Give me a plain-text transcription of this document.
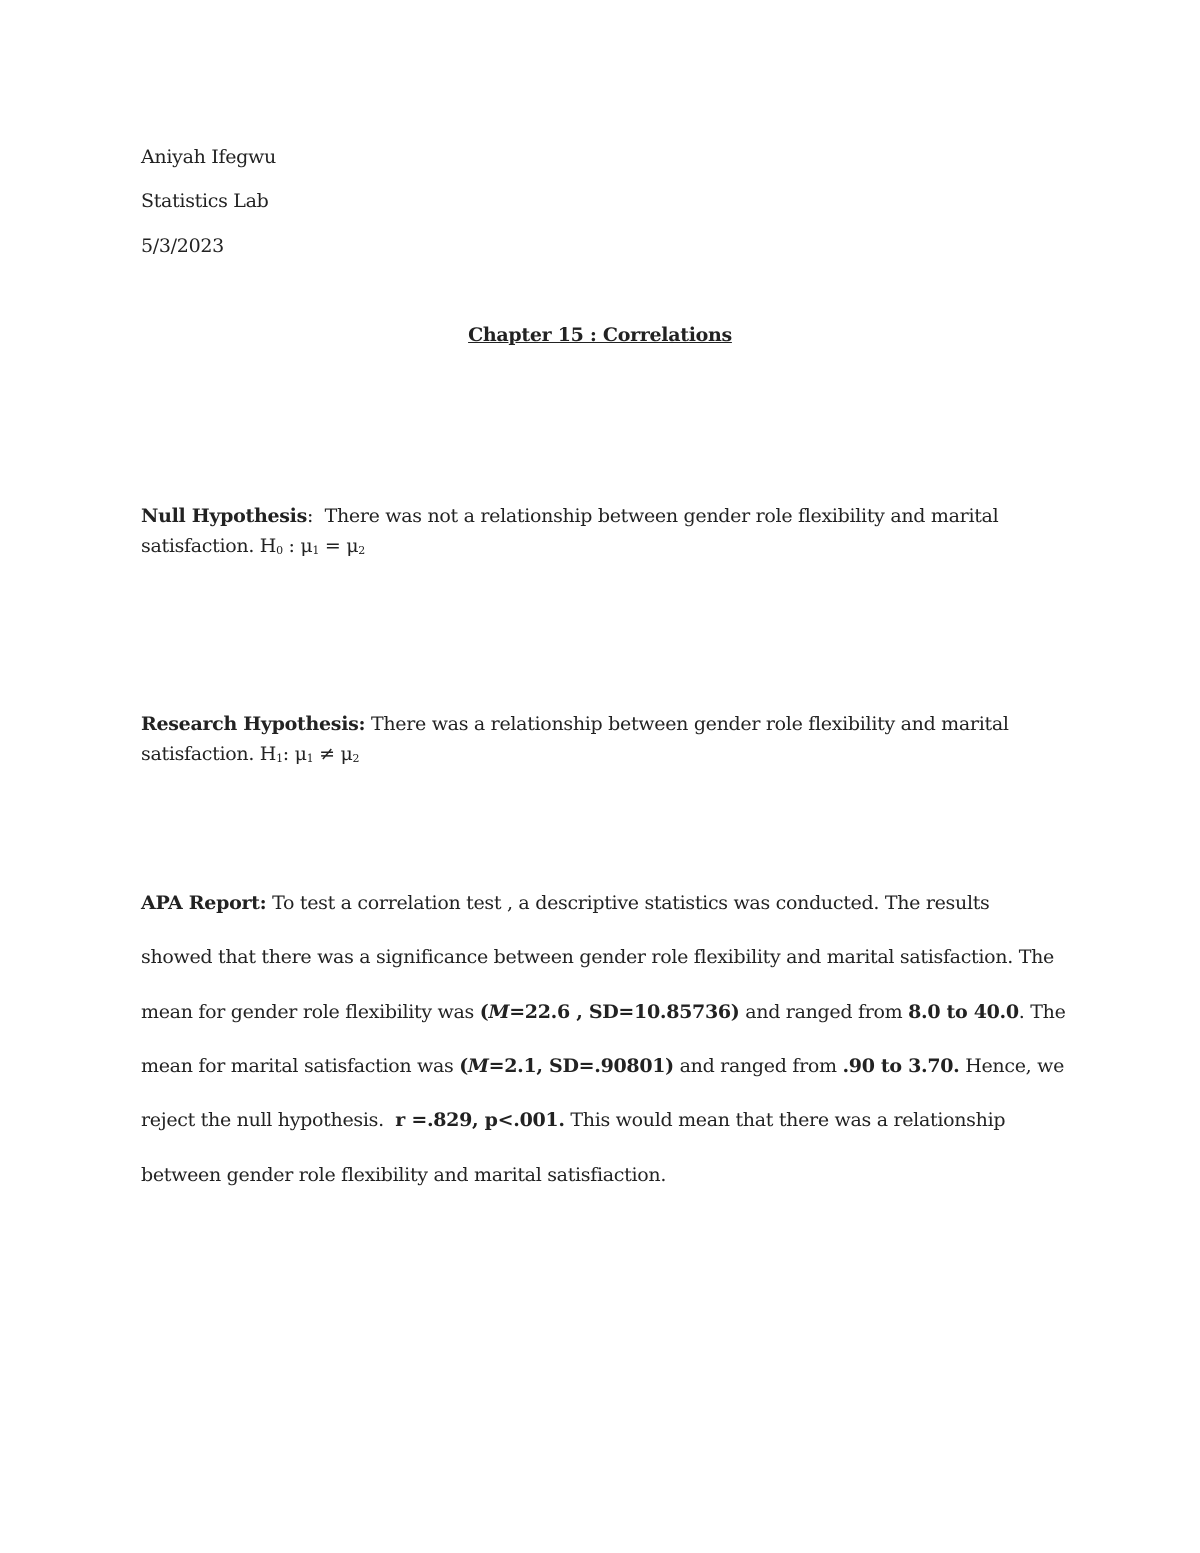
Aniyah Ifegwu
Statistics Lab
5/3/2023
Chapter 15 : Correlations
Null Hypothesis:  There was not a relationship between gender role flexibility and marital
satisfaction. H0 : μ1 = μ2
Research Hypothesis: There was a relationship between gender role flexibility and marital
satisfaction. H1: μ1 ≠ μ2
APA Report: To test a correlation test , a descriptive statistics was conducted. The results
showed that there was a significance between gender role flexibility and marital satisfaction. The
mean for gender role flexibility was (M=22.6 , SD=10.85736) and ranged from 8.0 to 40.0. The
mean for marital satisfaction was (M=2.1, SD=.90801) and ranged from .90 to 3.70. Hence, we
reject the null hypothesis.  r =.829, p<.001. This would mean that there was a relationship
between gender role flexibility and marital satisfiaction.
